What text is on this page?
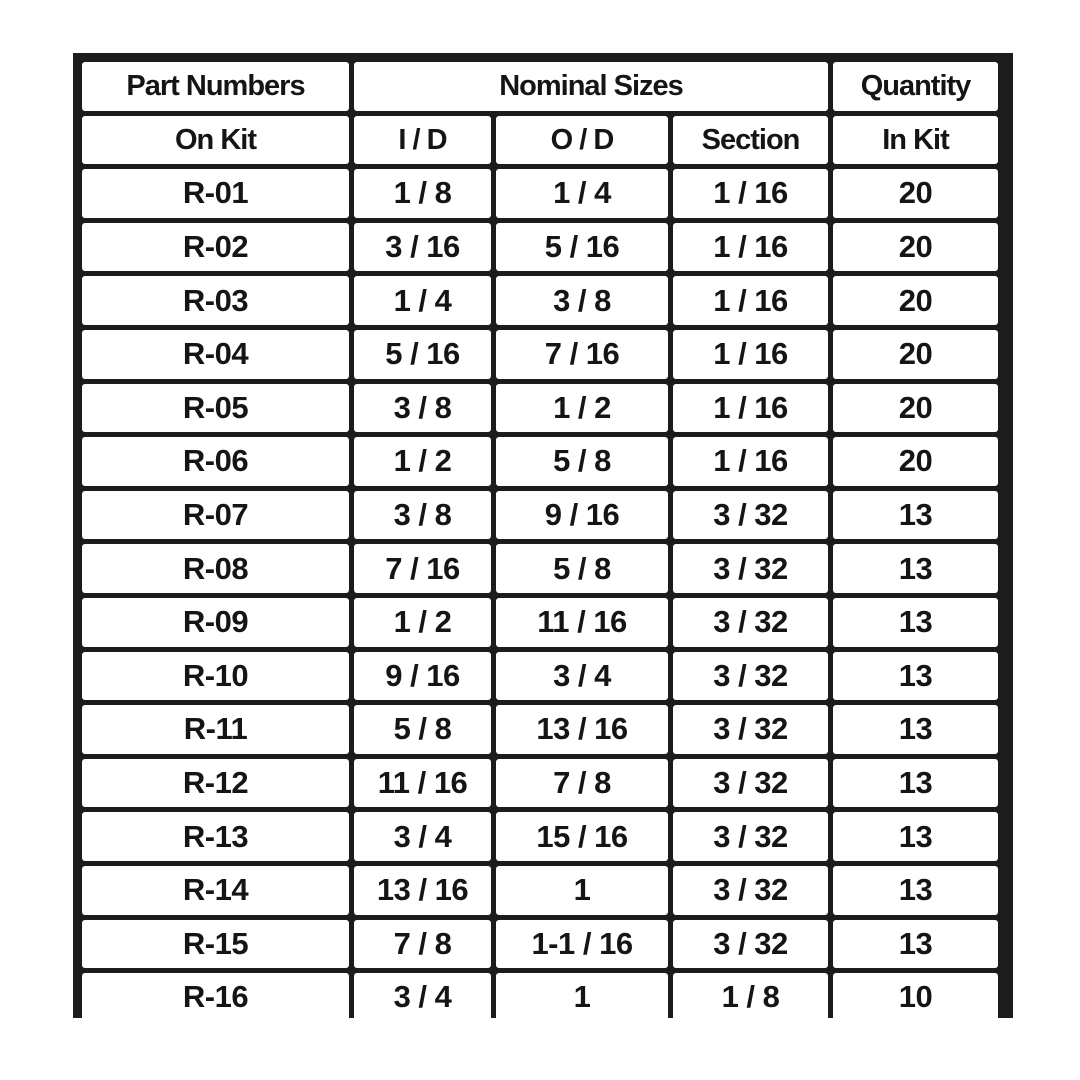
Part Numbers	Nominal Sizes			Quantity
On Kit	I / D	O / D	Section	In Kit
R-01	1 / 8	1 / 4	1 / 16	20
R-02	3 / 16	5 / 16	1 / 16	20
R-03	1 / 4	3 / 8	1 / 16	20
R-04	5 / 16	7 / 16	1 / 16	20
R-05	3 / 8	1 / 2	1 / 16	20
R-06	1 / 2	5 / 8	1 / 16	20
R-07	3 / 8	9 / 16	3 / 32	13
R-08	7 / 16	5 / 8	3 / 32	13
R-09	1 / 2	11 / 16	3 / 32	13
R-10	9 / 16	3 / 4	3 / 32	13
R-11	5 / 8	13 / 16	3 / 32	13
R-12	11 / 16	7 / 8	3 / 32	13
R-13	3 / 4	15 / 16	3 / 32	13
R-14	13 / 16	1	3 / 32	13
R-15	7 / 8	1-1 / 16	3 / 32	13
R-16	3 / 4	1	1 / 8	10
